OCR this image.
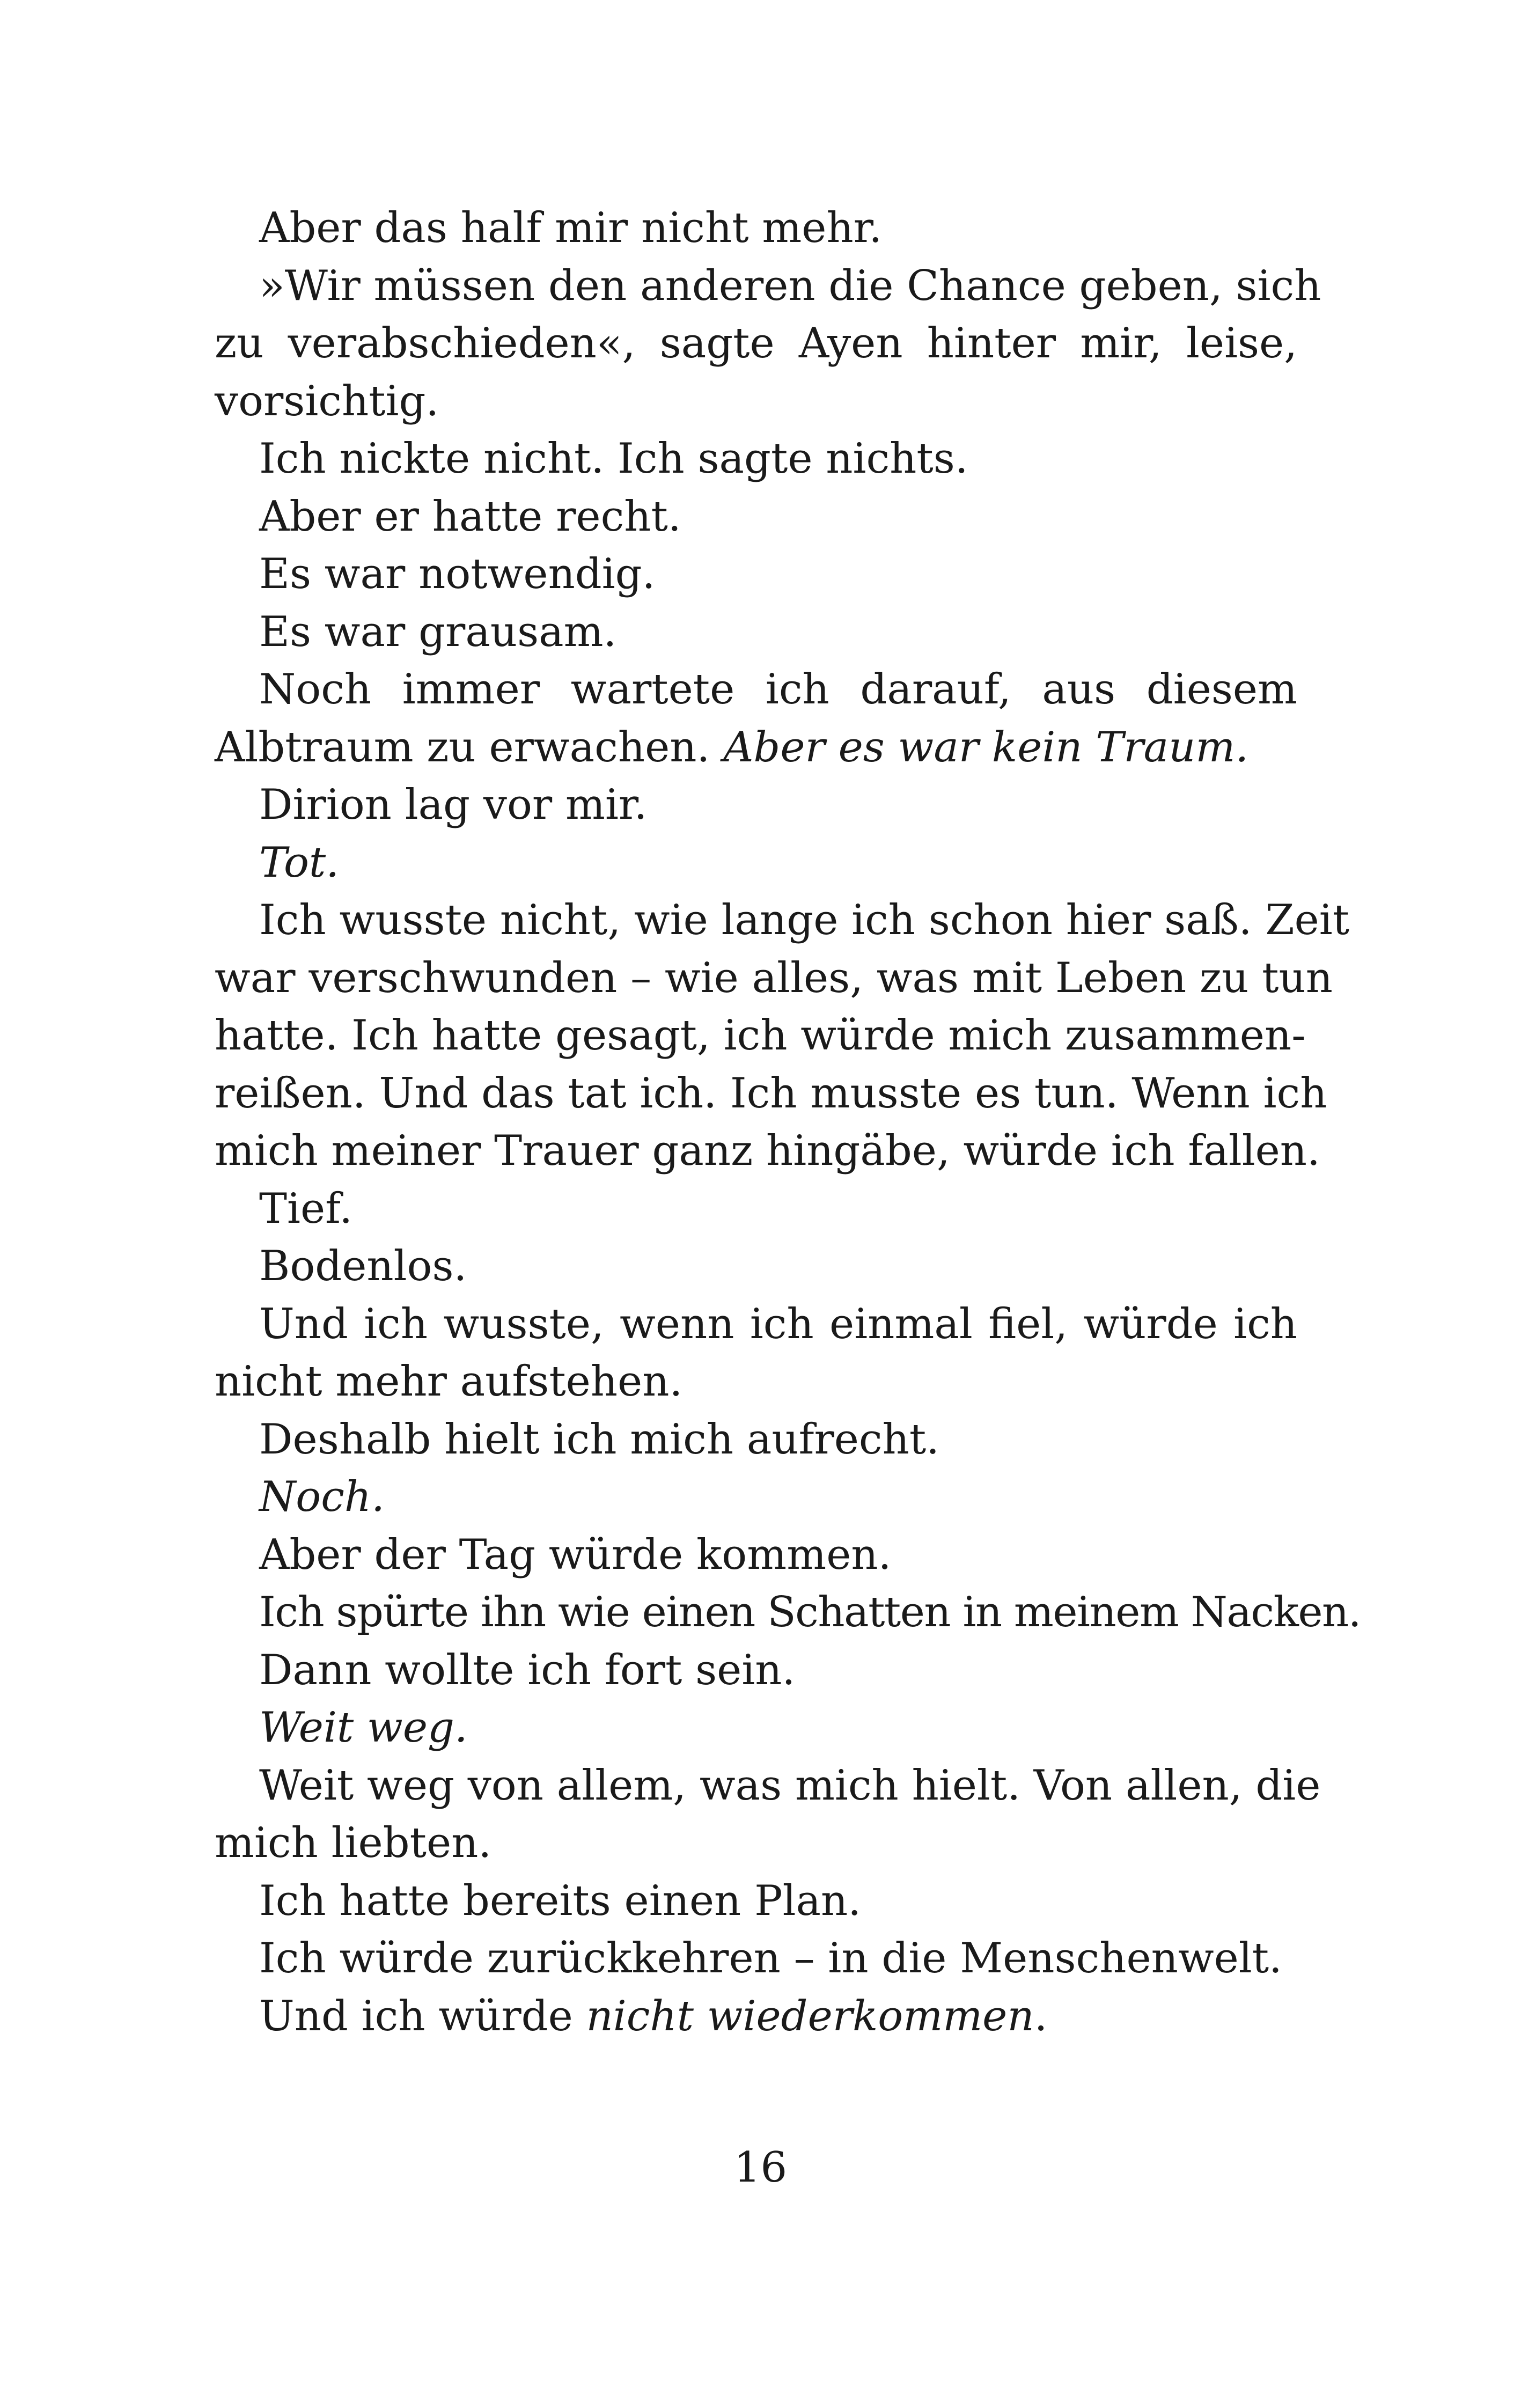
Aber das half mir nicht mehr.
»Wir müssen den anderen die Chance geben, sich
zu verabschieden«, sagte Ayen hinter mir, leise,
vorsichtig.
Ich nickte nicht. Ich sagte nichts.
Aber er hatte recht.
Es war notwendig.
Es war grausam.
Noch immer wartete ich darauf, aus diesem
Albtraum zu erwachen. Aber es war kein Traum.
Dirion lag vor mir.
Tot.
Ich wusste nicht, wie lange ich schon hier saß. Zeit
war verschwunden – wie alles, was mit Leben zu tun
hatte. Ich hatte gesagt, ich würde mich zusammen-
reißen. Und das tat ich. Ich musste es tun. Wenn ich
mich meiner Trauer ganz hingäbe, würde ich fallen.
Tief.
Bodenlos.
Und ich wusste, wenn ich einmal fiel, würde ich
nicht mehr aufstehen.
Deshalb hielt ich mich aufrecht.
Noch.
Aber der Tag würde kommen.
Ich spürte ihn wie einen Schatten in meinem Nacken.
Dann wollte ich fort sein.
Weit weg.
Weit weg von allem, was mich hielt. Von allen, die
mich liebten.
Ich hatte bereits einen Plan.
Ich würde zurückkehren – in die Menschenwelt.
Und ich würde nicht wiederkommen.
16
